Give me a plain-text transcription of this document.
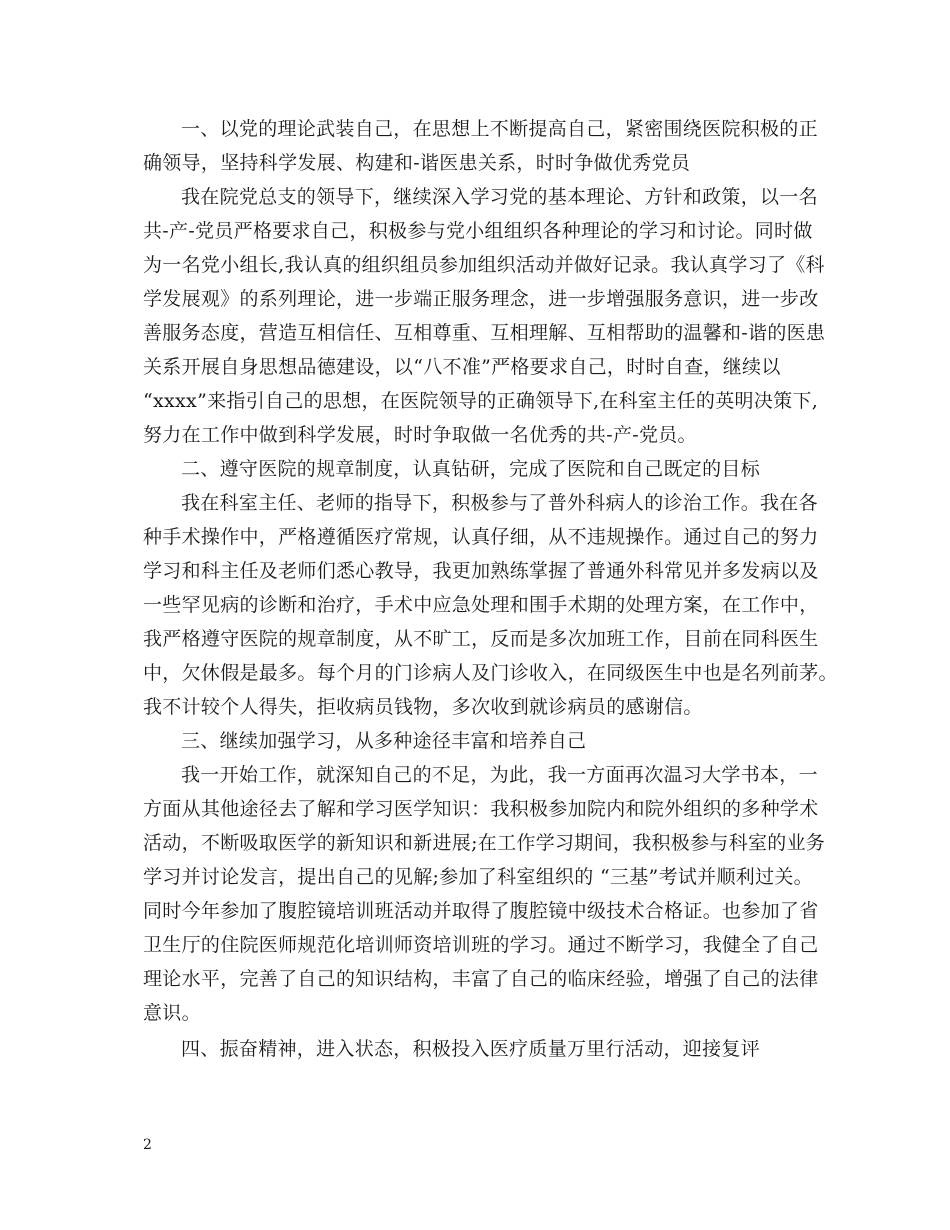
一、以党的理论武装自己，在思想上不断提高自己，紧密围绕医院积极的正
确领导，坚持科学发展、构建和-谐医患关系，时时争做优秀党员
我在院党总支的领导下，继续深入学习党的基本理论、方针和政策，以一名
共-产-党员严格要求自己，积极参与党小组组织各种理论的学习和讨论。同时做
为一名党小组长,我认真的组织组员参加组织活动并做好记录。我认真学习了《科
学发展观》的系列理论，进一步端正服务理念，进一步增强服务意识，进一步改
善服务态度，营造互相信任、互相尊重、互相理解、互相帮助的温馨和-谐的医患
关系开展自身思想品德建设，以“八不准”严格要求自己，时时自查，继续以
“xxxx”来指引自己的思想，在医院领导的正确领导下,在科室主任的英明决策下,
努力在工作中做到科学发展，时时争取做一名优秀的共-产-党员。
二、遵守医院的规章制度，认真钻研，完成了医院和自己既定的目标
我在科室主任、老师的指导下，积极参与了普外科病人的诊治工作。我在各
种手术操作中，严格遵循医疗常规，认真仔细，从不违规操作。通过自己的努力
学习和科主任及老师们悉心教导，我更加熟练掌握了普通外科常见并多发病以及
一些罕见病的诊断和治疗，手术中应急处理和围手术期的处理方案，在工作中，
我严格遵守医院的规章制度，从不旷工，反而是多次加班工作，目前在同科医生
中，欠休假是最多。每个月的门诊病人及门诊收入，在同级医生中也是名列前茅。
我不计较个人得失，拒收病员钱物，多次收到就诊病员的感谢信。
三、继续加强学习，从多种途径丰富和培养自己
我一开始工作，就深知自己的不足，为此，我一方面再次温习大学书本，一
方面从其他途径去了解和学习医学知识：我积极参加院内和院外组织的多种学术
活动，不断吸取医学的新知识和新进展;在工作学习期间，我积极参与科室的业务
学习并讨论发言，提出自己的见解;参加了科室组织的 “三基”考试并顺利过关。
同时今年参加了腹腔镜培训班活动并取得了腹腔镜中级技术合格证。也参加了省
卫生厅的住院医师规范化培训师资培训班的学习。通过不断学习，我健全了自己
理论水平，完善了自己的知识结构，丰富了自己的临床经验，增强了自己的法律
意识。
四、振奋精神，进入状态，积极投入医疗质量万里行活动，迎接复评
2
